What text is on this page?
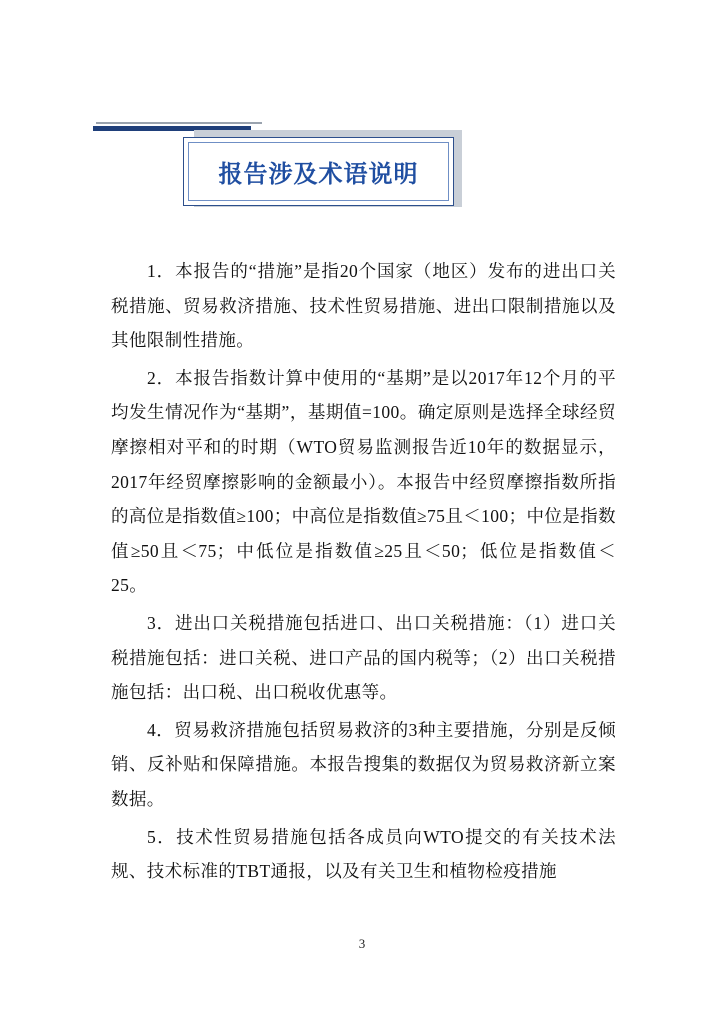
报告涉及术语说明

1．本报告的“措施”是指20个国家（地区）发布的进出口关税措施、贸易救济措施、技术性贸易措施、进出口限制措施以及其他限制性措施。

2．本报告指数计算中使用的“基期”是以2017年12个月的平均发生情况作为“基期”，基期值=100。确定原则是选择全球经贸摩擦相对平和的时期（WTO贸易监测报告近10年的数据显示，2017年经贸摩擦影响的金额最小）。本报告中经贸摩擦指数所指的高位是指数值≥100；中高位是指数值≥75且＜100；中位是指数值≥50且＜75；中低位是指数值≥25且＜50；低位是指数值＜25。

3．进出口关税措施包括进口、出口关税措施：（1）进口关税措施包括：进口关税、进口产品的国内税等；（2）出口关税措施包括：出口税、出口税收优惠等。

4．贸易救济措施包括贸易救济的3种主要措施，分别是反倾销、反补贴和保障措施。本报告搜集的数据仅为贸易救济新立案数据。

5．技术性贸易措施包括各成员向WTO提交的有关技术法规、技术标准的TBT通报，以及有关卫生和植物检疫措施

3
